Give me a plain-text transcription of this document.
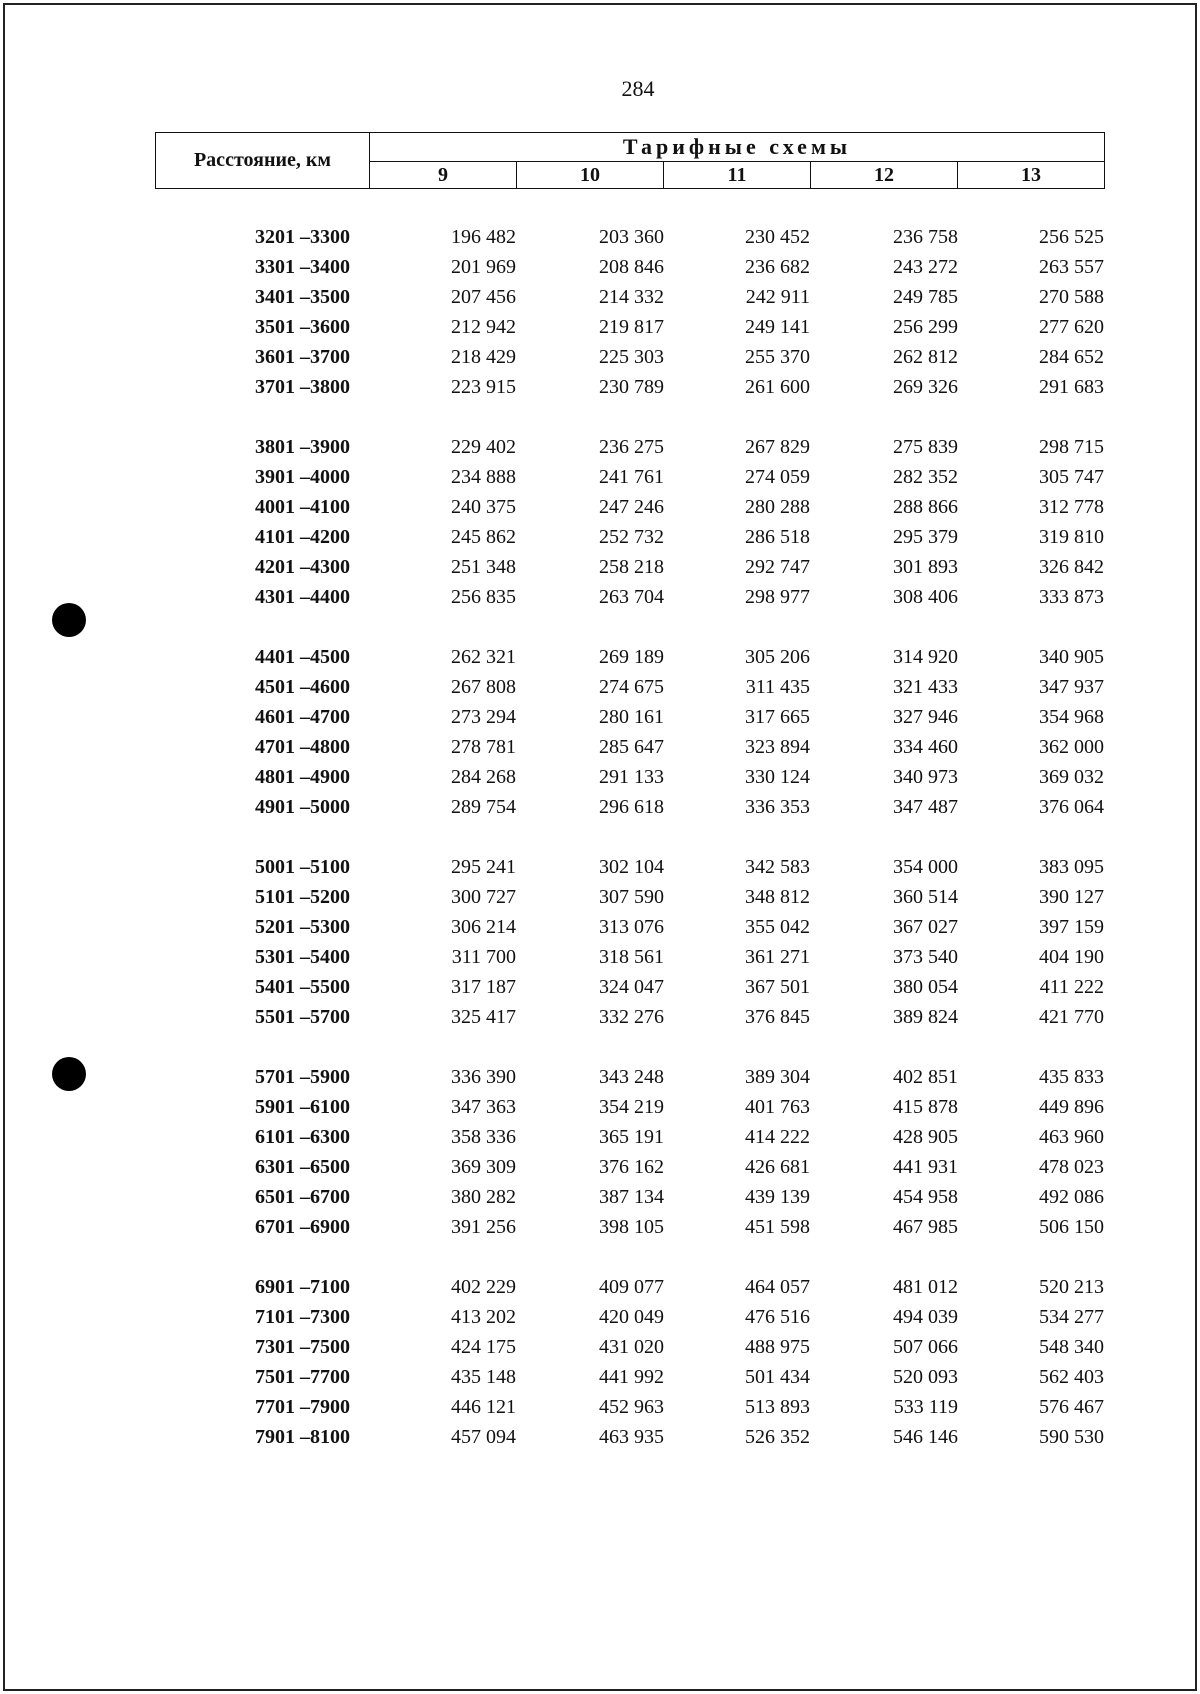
284
Расстояние, км	Тарифные схемы				
	9	10	11	12	13
3201 –3300	196 482	203 360	230 452	236 758	256 525
3301 –3400	201 969	208 846	236 682	243 272	263 557
3401 –3500	207 456	214 332	242 911	249 785	270 588
3501 –3600	212 942	219 817	249 141	256 299	277 620
3601 –3700	218 429	225 303	255 370	262 812	284 652
3701 –3800	223 915	230 789	261 600	269 326	291 683
3801 –3900	229 402	236 275	267 829	275 839	298 715
3901 –4000	234 888	241 761	274 059	282 352	305 747
4001 –4100	240 375	247 246	280 288	288 866	312 778
4101 –4200	245 862	252 732	286 518	295 379	319 810
4201 –4300	251 348	258 218	292 747	301 893	326 842
4301 –4400	256 835	263 704	298 977	308 406	333 873
4401 –4500	262 321	269 189	305 206	314 920	340 905
4501 –4600	267 808	274 675	311 435	321 433	347 937
4601 –4700	273 294	280 161	317 665	327 946	354 968
4701 –4800	278 781	285 647	323 894	334 460	362 000
4801 –4900	284 268	291 133	330 124	340 973	369 032
4901 –5000	289 754	296 618	336 353	347 487	376 064
5001 –5100	295 241	302 104	342 583	354 000	383 095
5101 –5200	300 727	307 590	348 812	360 514	390 127
5201 –5300	306 214	313 076	355 042	367 027	397 159
5301 –5400	311 700	318 561	361 271	373 540	404 190
5401 –5500	317 187	324 047	367 501	380 054	411 222
5501 –5700	325 417	332 276	376 845	389 824	421 770
5701 –5900	336 390	343 248	389 304	402 851	435 833
5901 –6100	347 363	354 219	401 763	415 878	449 896
6101 –6300	358 336	365 191	414 222	428 905	463 960
6301 –6500	369 309	376 162	426 681	441 931	478 023
6501 –6700	380 282	387 134	439 139	454 958	492 086
6701 –6900	391 256	398 105	451 598	467 985	506 150
6901 –7100	402 229	409 077	464 057	481 012	520 213
7101 –7300	413 202	420 049	476 516	494 039	534 277
7301 –7500	424 175	431 020	488 975	507 066	548 340
7501 –7700	435 148	441 992	501 434	520 093	562 403
7701 –7900	446 121	452 963	513 893	533 119	576 467
7901 –8100	457 094	463 935	526 352	546 146	590 530
